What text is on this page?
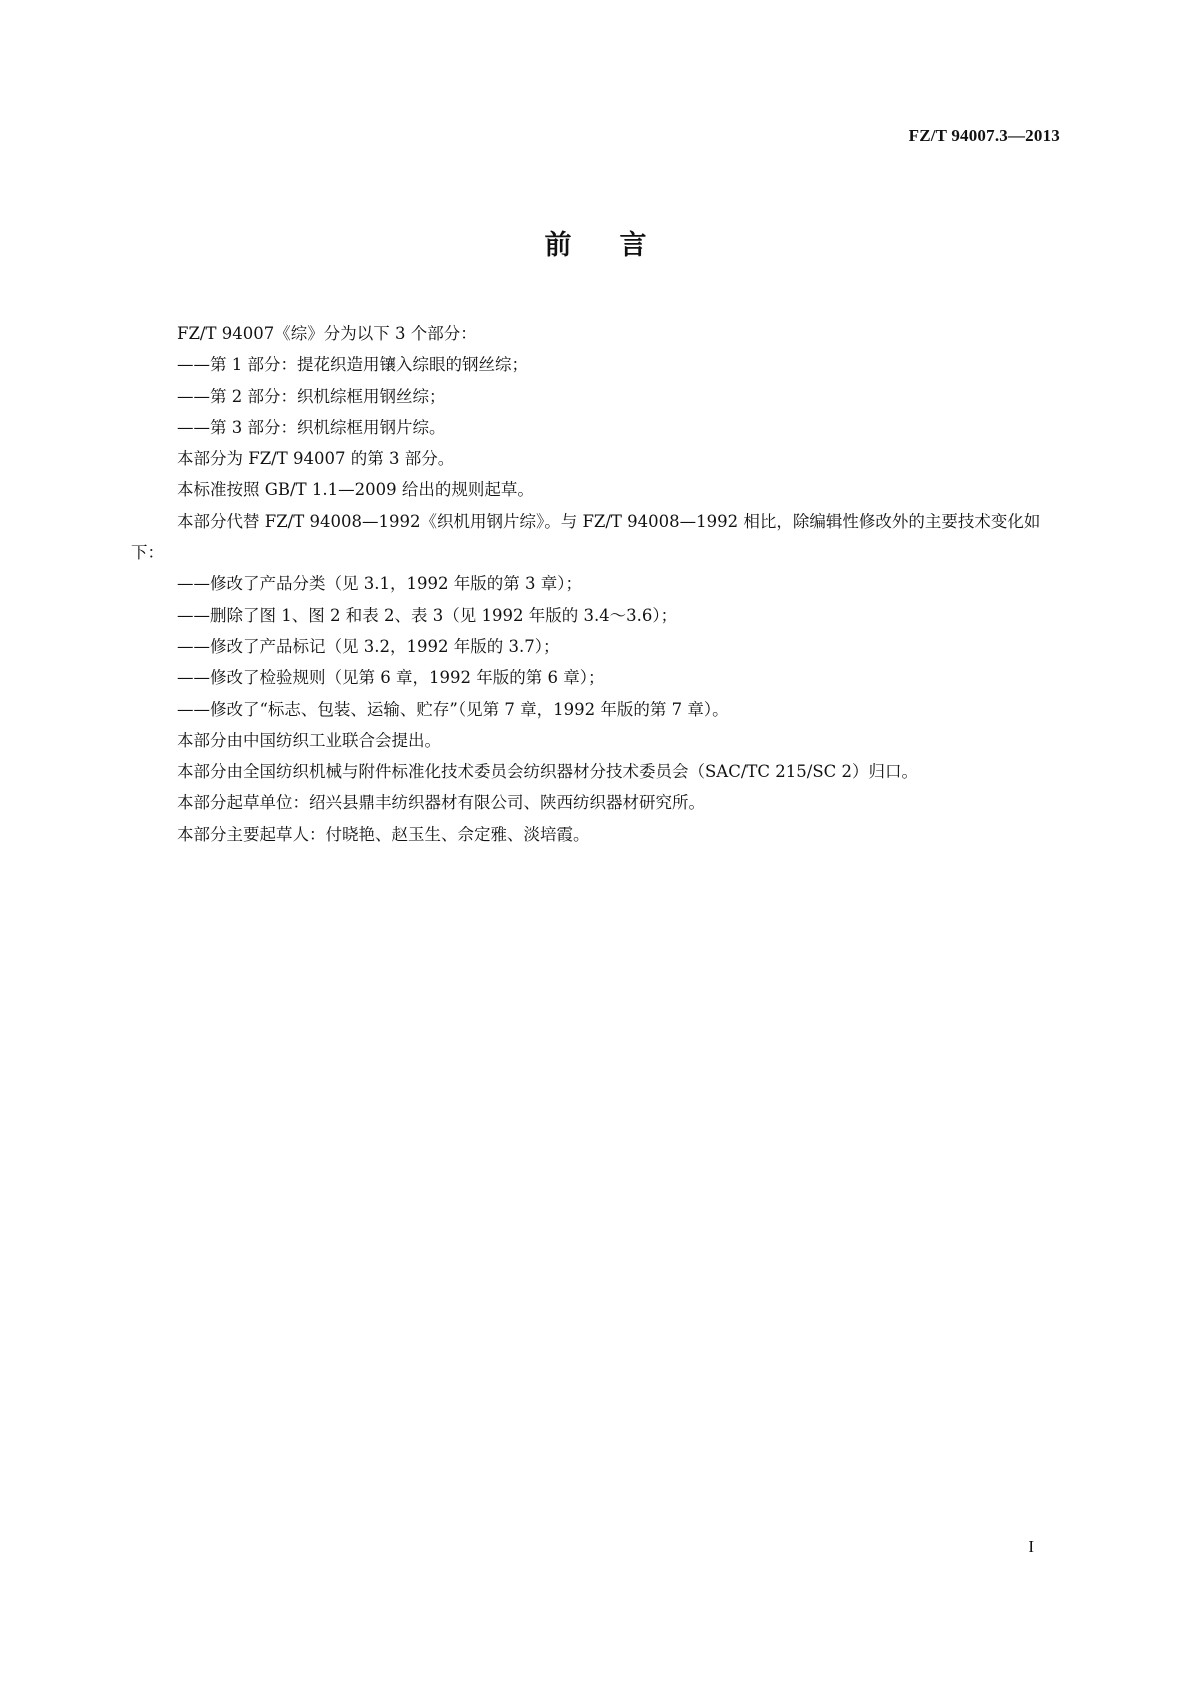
FZ/T 94007.3—2013
前言

FZ/T 94007《综》分为以下 3 个部分：

——第 1 部分：提花织造用镶入综眼的钢丝综；

——第 2 部分：织机综框用钢丝综；

——第 3 部分：织机综框用钢片综。

本部分为 FZ/T 94007 的第 3 部分。

本标准按照 GB/T 1.1—2009 给出的规则起草。

本部分代替 FZ/T 94008—1992《织机用钢片综》。与 FZ/T 94008—1992 相比，除编辑性修改外的主要技术变化如下：

——修改了产品分类（见 3.1，1992 年版的第 3 章）；

——删除了图 1、图 2 和表 2、表 3（见 1992 年版的 3.4～3.6）；

——修改了产品标记（见 3.2，1992 年版的 3.7）；

——修改了检验规则（见第 6 章，1992 年版的第 6 章）；

——修改了“标志、包装、运输、贮存”（见第 7 章，1992 年版的第 7 章）。

本部分由中国纺织工业联合会提出。

本部分由全国纺织机械与附件标准化技术委员会纺织器材分技术委员会（SAC/TC 215/SC 2）归口。

本部分起草单位：绍兴县鼎丰纺织器材有限公司、陕西纺织器材研究所。

本部分主要起草人：付晓艳、赵玉生、佘定雅、淡培霞。

I
